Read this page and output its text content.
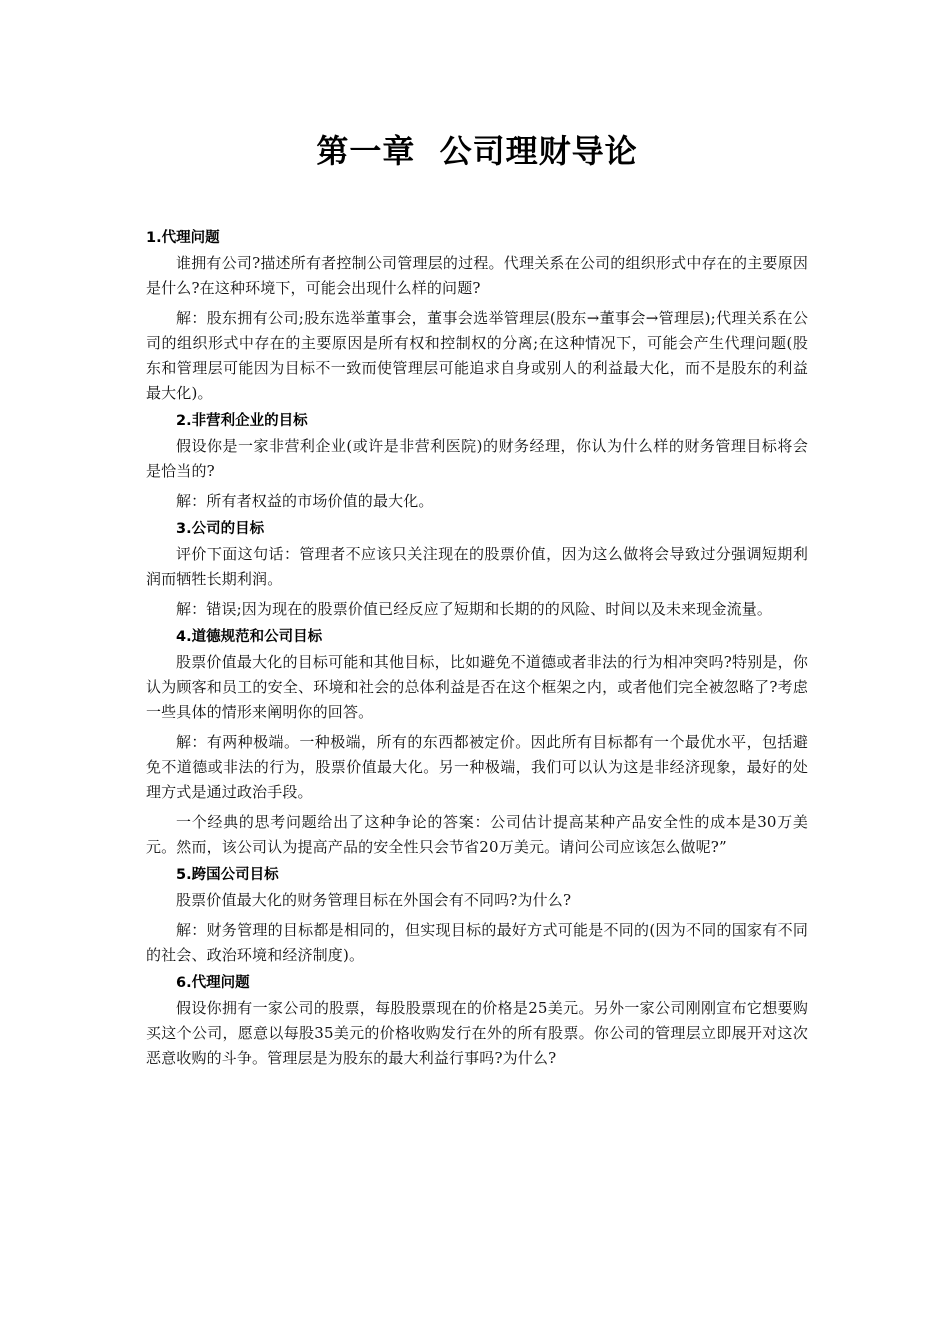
第一章  公司理财导论

1.代理问题

谁拥有公司?描述所有者控制公司管理层的过程。代理关系在公司的组织形式中存在的主要原因是什么?在这种环境下，可能会出现什么样的问题?

解：股东拥有公司;股东选举董事会，董事会选举管理层(股东→董事会→管理层);代理关系在公司的组织形式中存在的主要原因是所有权和控制权的分离;在这种情况下，可能会产生代理问题(股东和管理层可能因为目标不一致而使管理层可能追求自身或别人的利益最大化，而不是股东的利益最大化)。

2.非营利企业的目标

假设你是一家非营利企业(或许是非营利医院)的财务经理，你认为什么样的财务管理目标将会是恰当的?

解：所有者权益的市场价值的最大化。

3.公司的目标

评价下面这句话：管理者不应该只关注现在的股票价值，因为这么做将会导致过分强调短期利润而牺牲长期利润。

解：错误;因为现在的股票价值已经反应了短期和长期的的风险、时间以及未来现金流量。

4.道德规范和公司目标

股票价值最大化的目标可能和其他目标，比如避免不道德或者非法的行为相冲突吗?特别是，你认为顾客和员工的安全、环境和社会的总体利益是否在这个框架之内，或者他们完全被忽略了?考虑一些具体的情形来阐明你的回答。

解：有两种极端。一种极端，所有的东西都被定价。因此所有目标都有一个最优水平，包括避免不道德或非法的行为，股票价值最大化。另一种极端，我们可以认为这是非经济现象，最好的处理方式是通过政治手段。

一个经典的思考问题给出了这种争论的答案：公司估计提高某种产品安全性的成本是30万美元。然而，该公司认为提高产品的安全性只会节省20万美元。请问公司应该怎么做呢?”

5.跨国公司目标

股票价值最大化的财务管理目标在外国会有不同吗?为什么?

解：财务管理的目标都是相同的，但实现目标的最好方式可能是不同的(因为不同的国家有不同的社会、政治环境和经济制度)。

6.代理问题

假设你拥有一家公司的股票，每股股票现在的价格是25美元。另外一家公司刚刚宣布它想要购买这个公司，愿意以每股35美元的价格收购发行在外的所有股票。你公司的管理层立即展开对这次恶意收购的斗争。管理层是为股东的最大利益行事吗?为什么?
